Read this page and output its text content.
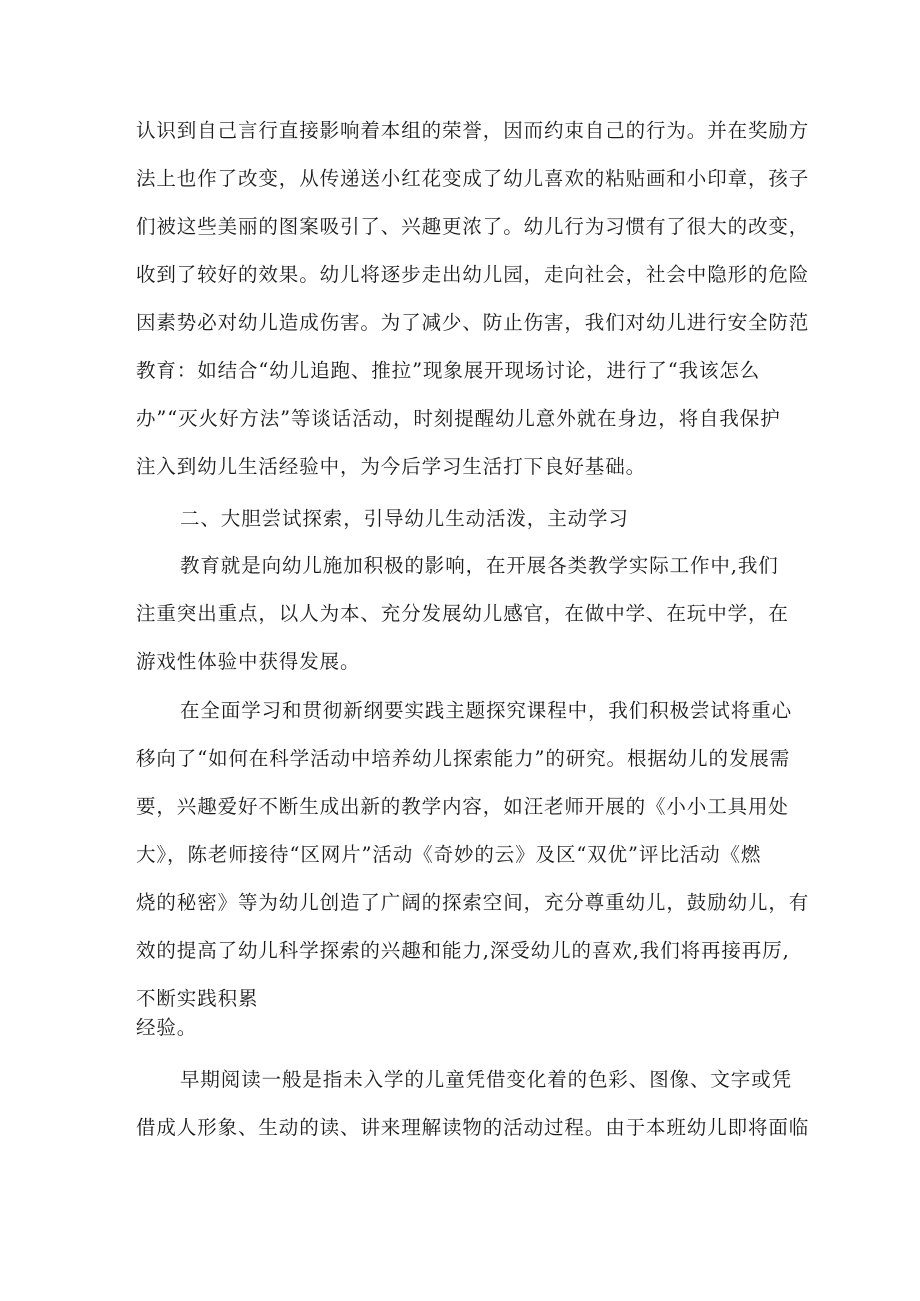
认识到自己言行直接影响着本组的荣誉，因而约束自己的行为。并在奖励方
法上也作了改变，从传递送小红花变成了幼儿喜欢的粘贴画和小印章，孩子
们被这些美丽的图案吸引了、兴趣更浓了。幼儿行为习惯有了很大的改变，
收到了较好的效果。幼儿将逐步走出幼儿园，走向社会，社会中隐形的危险
因素势必对幼儿造成伤害。为了减少、防止伤害，我们对幼儿进行安全防范
教育：如结合“幼儿追跑、推拉”现象展开现场讨论，进行了“我该怎么
办”“灭火好方法”等谈话活动，时刻提醒幼儿意外就在身边，将自我保护
注入到幼儿生活经验中，为今后学习生活打下良好基础。
二、大胆尝试探索，引导幼儿生动活泼，主动学习
教育就是向幼儿施加积极的影响，在开展各类教学实际工作中,我们
注重突出重点，以人为本、充分发展幼儿感官，在做中学、在玩中学，在
游戏性体验中获得发展。
在全面学习和贯彻新纲要实践主题探究课程中，我们积极尝试将重心
移向了“如何在科学活动中培养幼儿探索能力”的研究。根据幼儿的发展需
要，兴趣爱好不断生成出新的教学内容，如汪老师开展的《小小工具用处
大》，陈老师接待“区网片”活动《奇妙的云》及区“双优”评比活动《燃
烧的秘密》等为幼儿创造了广阔的探索空间，充分尊重幼儿，鼓励幼儿，有
效的提高了幼儿科学探索的兴趣和能力,深受幼儿的喜欢,我们将再接再厉,
不断实践积累
经验。
早期阅读一般是指未入学的儿童凭借变化着的色彩、图像、文字或凭
借成人形象、生动的读、讲来理解读物的活动过程。由于本班幼儿即将面临
